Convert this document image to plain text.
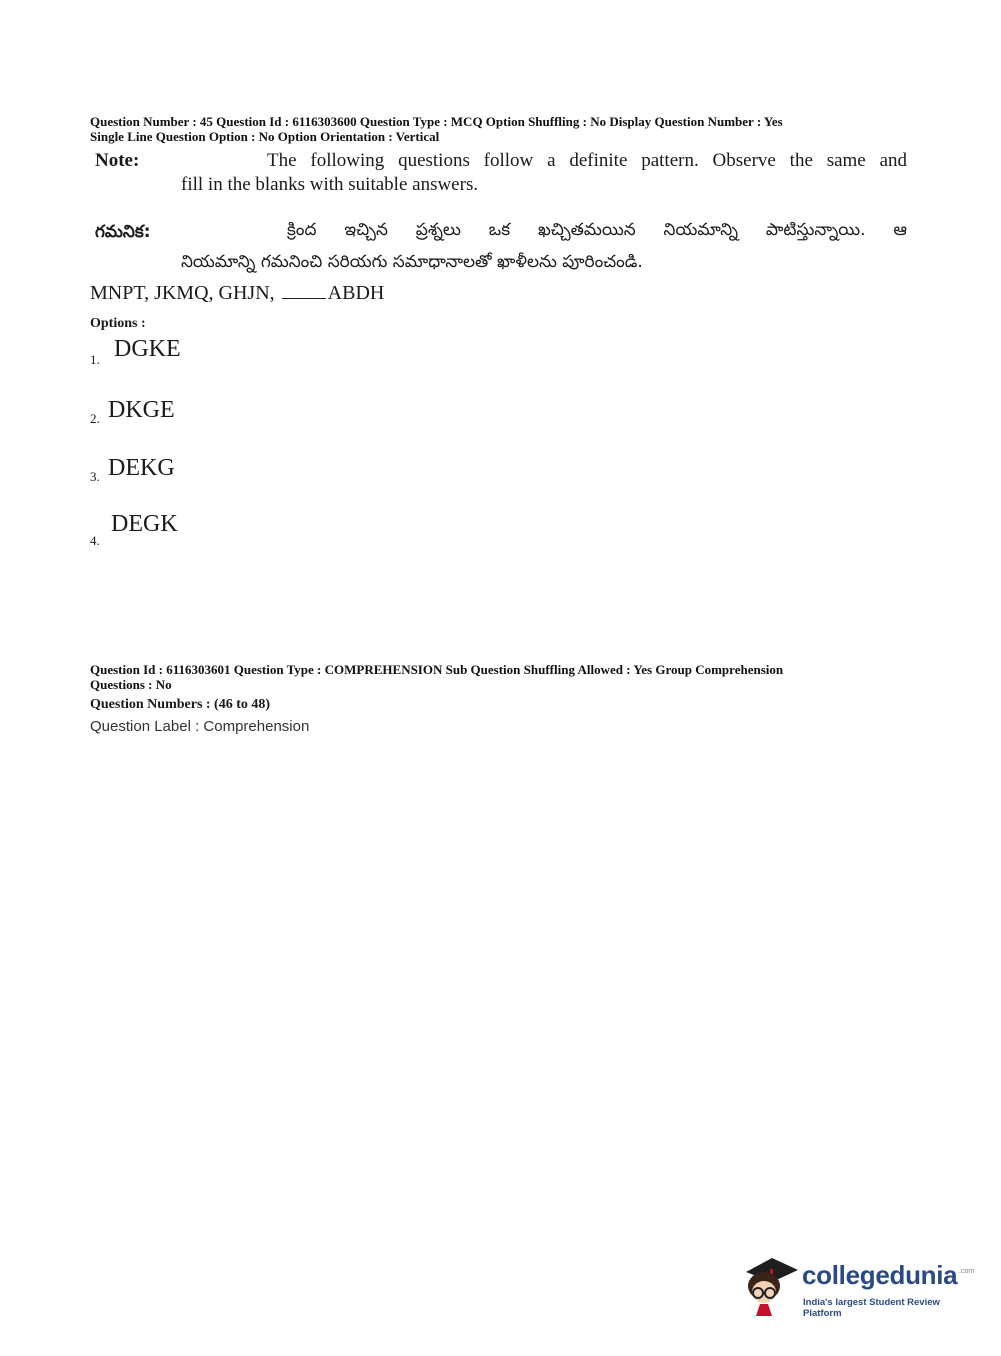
Question Number : 45 Question Id : 6116303600 Question Type : MCQ Option Shuffling : No Display Question Number : Yes
Single Line Question Option : No Option Orientation : Vertical
Note:	The following questions follow a definite pattern. Observe the same and
fill in the blanks with suitable answers.
గమనిక:	క్రింద ఇచ్చిన ప్రశ్నలు ఒక ఖచ్చితమయిన నియమాన్ని పాటిస్తున్నాయి. ఆ
నియమాన్ని గమనించి సరియగు సమాధానాలతో ఖాళీలను పూరించండి.
MNPT, JKMQ, GHJN,	ABDH
Options :
1. DGKE
2. DKGE
3. DEKG
4.
DEGK
Question Id : 6116303601 Question Type : COMPREHENSION Sub Question Shuffling Allowed : Yes Group Comprehension
Questions : No
Question Numbers : (46 to 48)
Question Label : Comprehension
collegedunia .com
India's largest Student Review Platform
